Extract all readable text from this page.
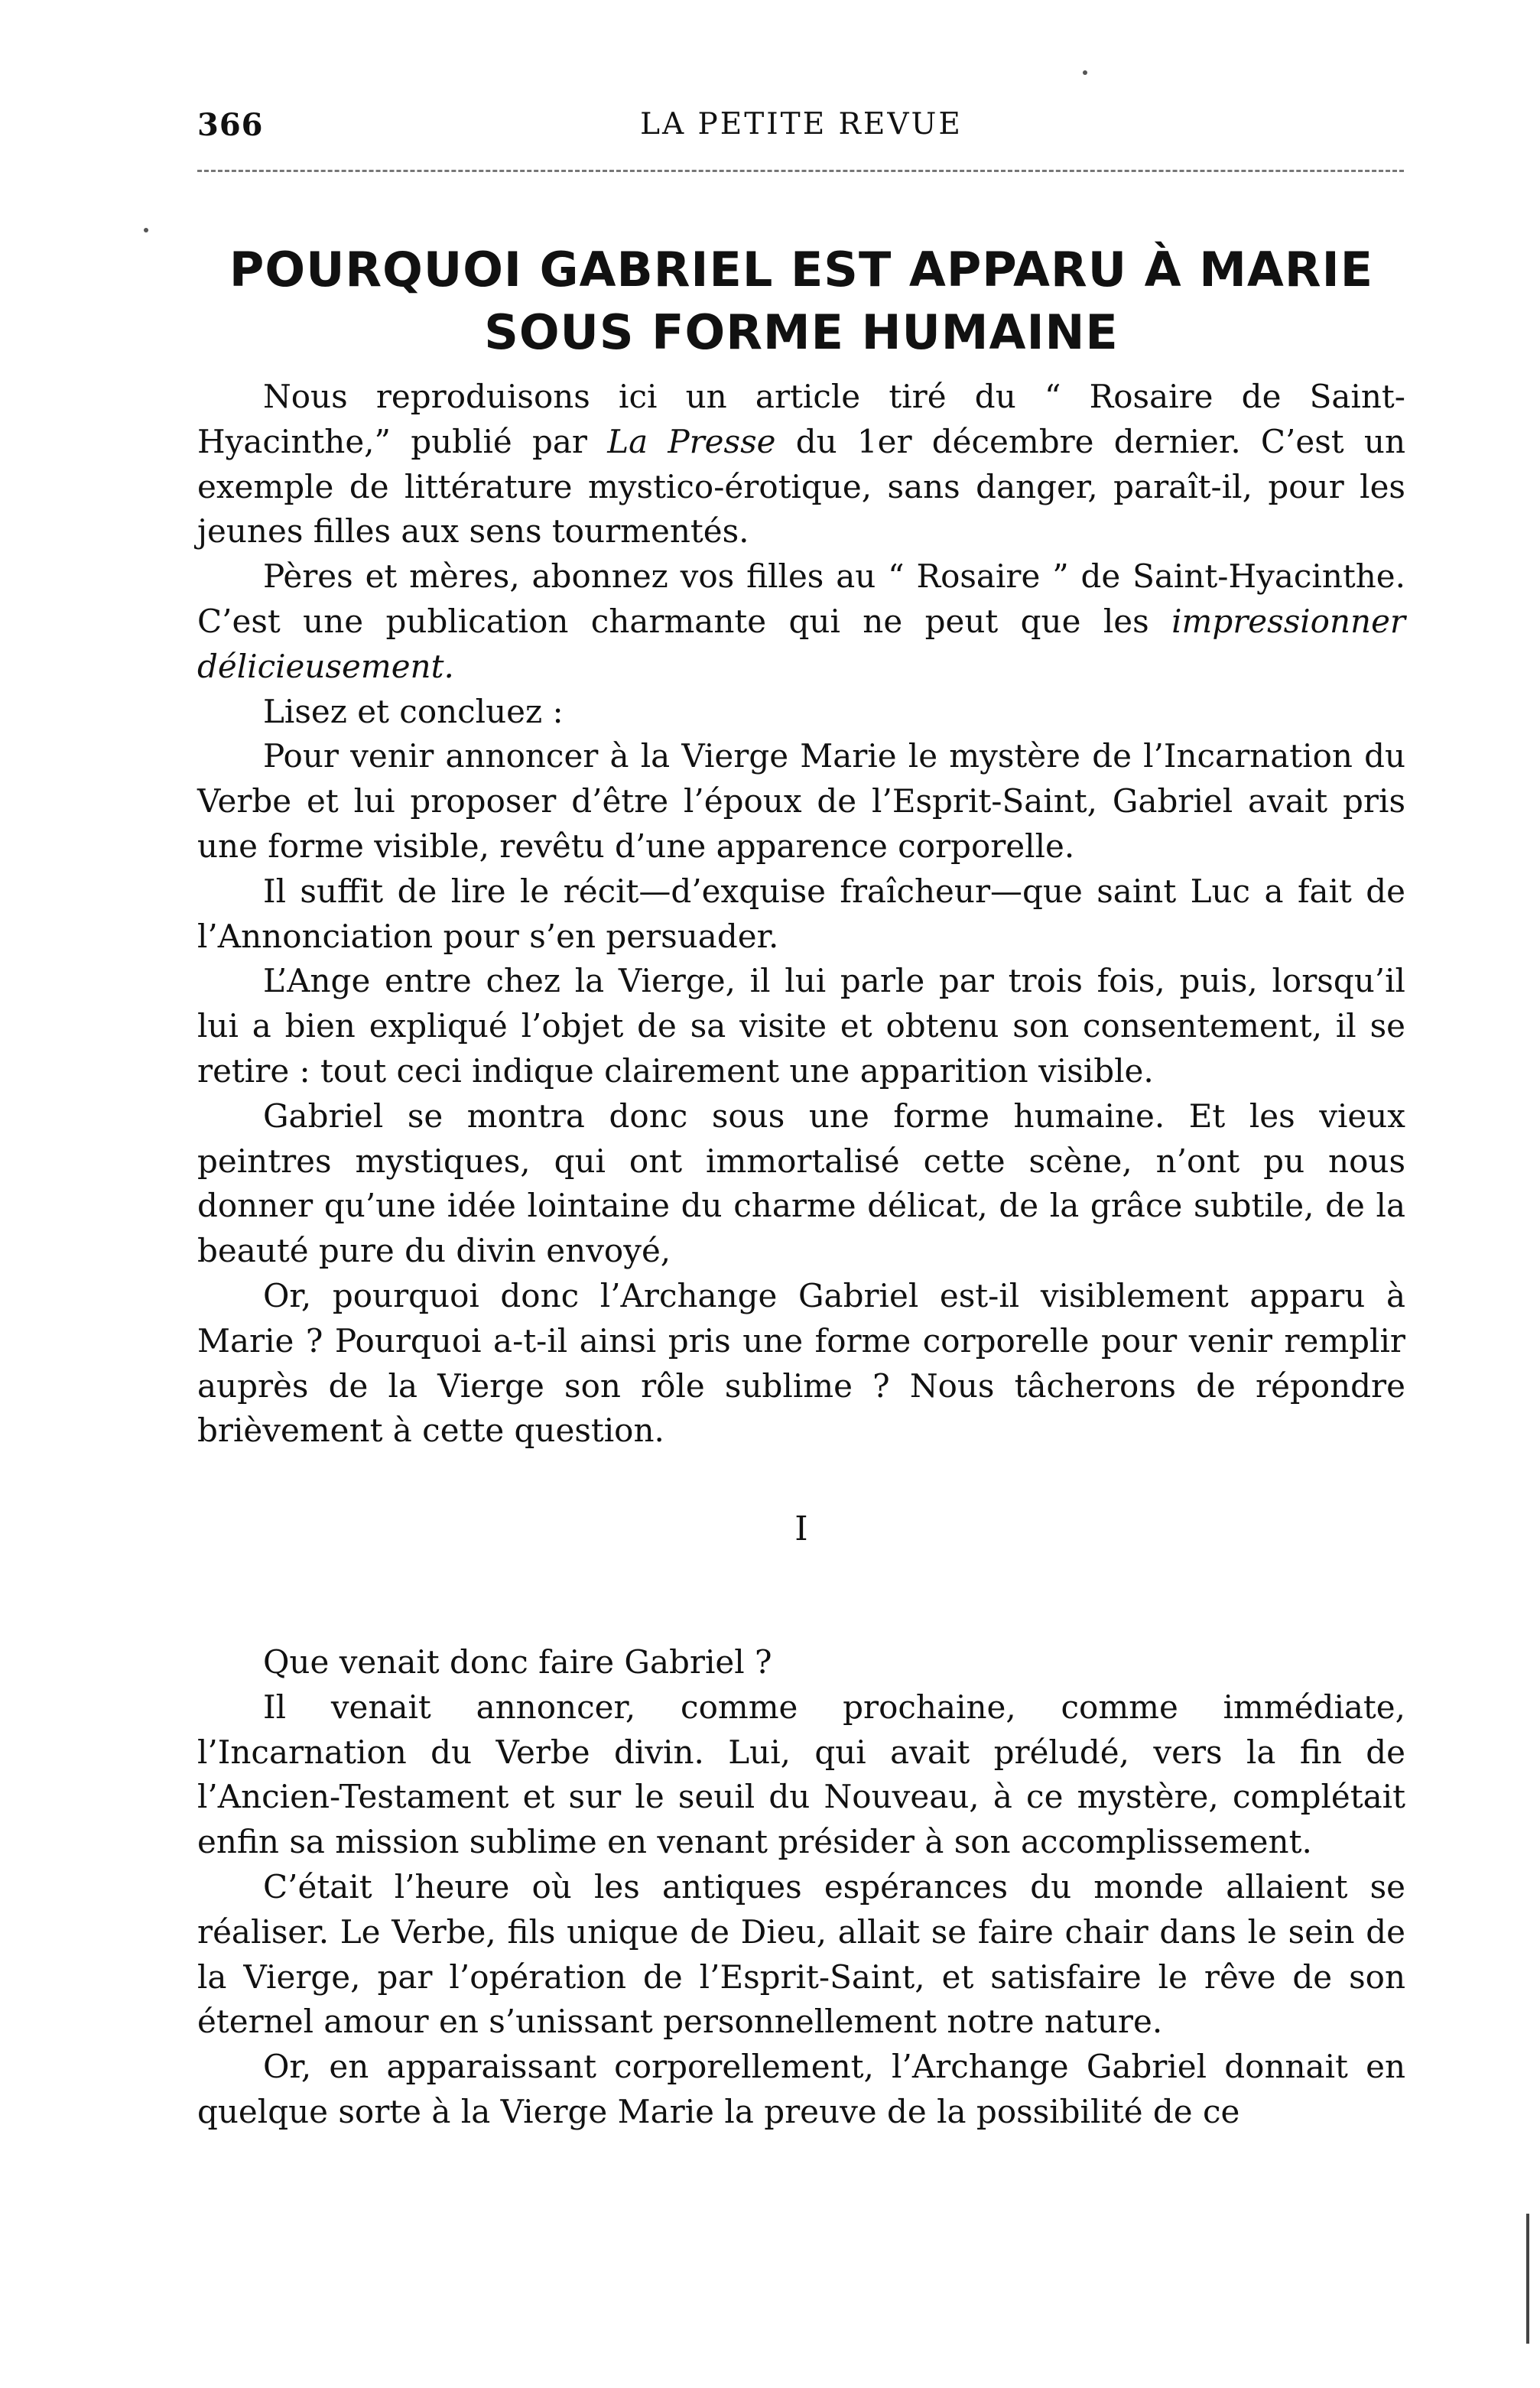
366	LA PETITE REVUE
POURQUOI GABRIEL EST APPARU À MARIE SOUS FORME HUMAINE

Nous reproduisons ici un article tiré du “ Rosaire de Saint-Hyacinthe,” publié par La Presse du 1er décembre dernier. C’est un exemple de littérature mystico-érotique, sans danger, paraît-il, pour les jeunes filles aux sens tourmentés.

Pères et mères, abonnez vos filles au “ Rosaire ” de Saint-Hyacinthe. C’est une publication charmante qui ne peut que les impressionner délicieusement.

Lisez et concluez :

Pour venir annoncer à la Vierge Marie le mystère de l’Incarnation du Verbe et lui proposer d’être l’époux de l’Esprit-Saint, Gabriel avait pris une forme visible, revêtu d’une apparence corporelle.

Il suffit de lire le récit—d’exquise fraîcheur—que saint Luc a fait de l’Annonciation pour s’en persuader.

L’Ange entre chez la Vierge, il lui parle par trois fois, puis, lorsqu’il lui a bien expliqué l’objet de sa visite et obtenu son consentement, il se retire : tout ceci indique clairement une apparition visible.

Gabriel se montra donc sous une forme humaine. Et les vieux peintres mystiques, qui ont immortalisé cette scène, n’ont pu nous donner qu’une idée lointaine du charme délicat, de la grâce subtile, de la beauté pure du divin envoyé,

Or, pourquoi donc l’Archange Gabriel est-il visiblement apparu à Marie ? Pourquoi a-t-il ainsi pris une forme corporelle pour venir remplir auprès de la Vierge son rôle sublime ? Nous tâcherons de répondre brièvement à cette question.

I

Que venait donc faire Gabriel ?

Il venait annoncer, comme prochaine, comme immédiate, l’Incarnation du Verbe divin. Lui, qui avait préludé, vers la fin de l’Ancien-Testament et sur le seuil du Nouveau, à ce mystère, complétait enfin sa mission sublime en venant présider à son accomplissement.

C’était l’heure où les antiques espérances du monde allaient se réaliser. Le Verbe, fils unique de Dieu, allait se faire chair dans le sein de la Vierge, par l’opération de l’Esprit-Saint, et satisfaire le rêve de son éternel amour en s’unissant personnellement notre nature.

Or, en apparaissant corporellement, l’Archange Gabriel donnait en quelque sorte à la Vierge Marie la preuve de la possibilité de ce
